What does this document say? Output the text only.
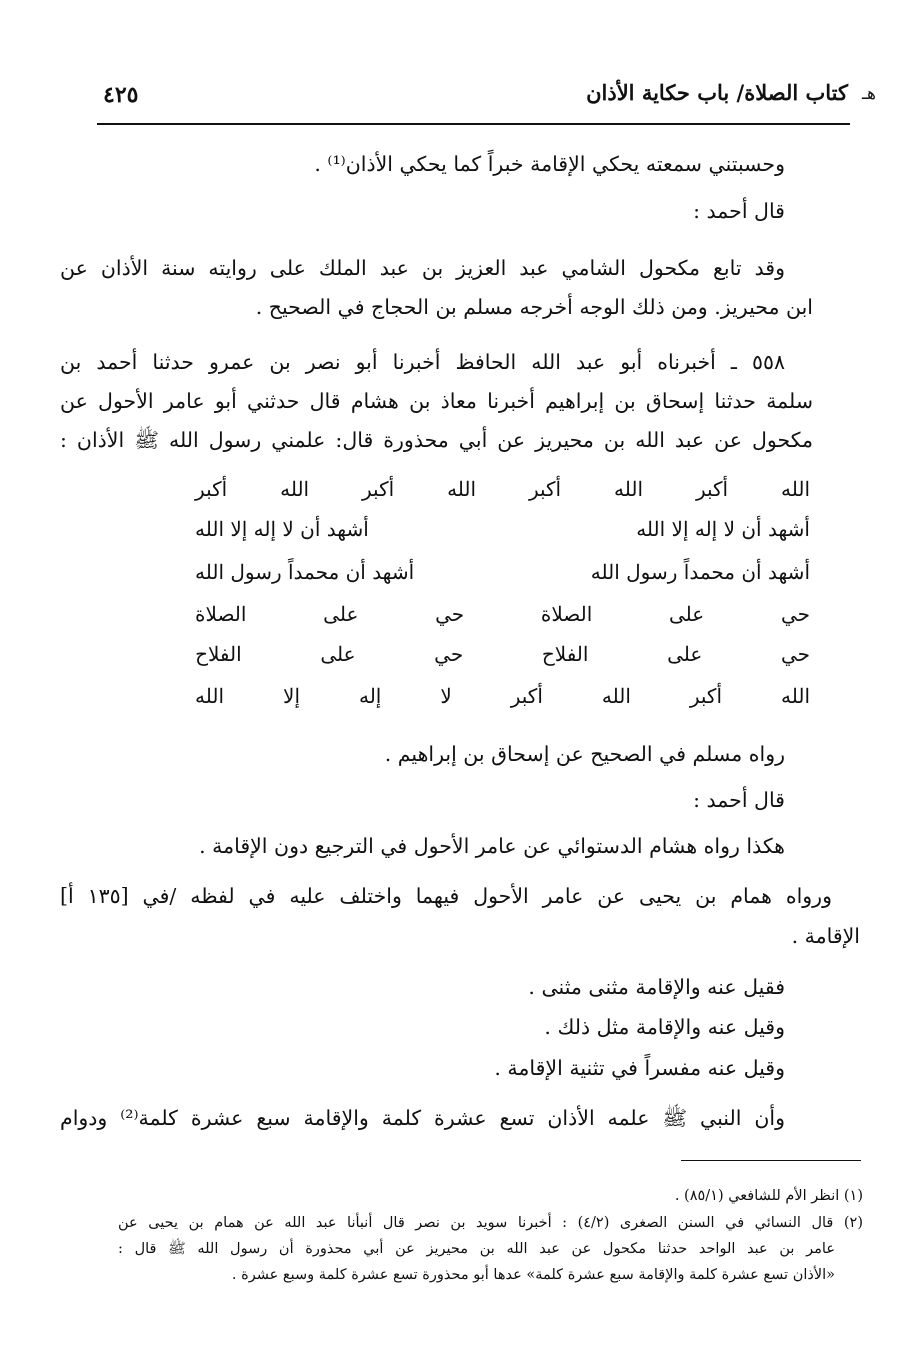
ﻫـ
كتاب الصلاة/ باب حكاية الأذان
٤٢٥
وحسبتني سمعته يحكي الإقامة خبراً كما يحكي الأذان⁽¹⁾ .
قال أحمد :
وقد تابع مكحول الشامي عبد العزيز بن عبد الملك على روايته سنة الأذان عن
ابن محيريز. ومن ذلك الوجه أخرجه مسلم بن الحجاج في الصحيح .
٥٥٨ ـ أخبرناه أبو عبد الله الحافظ أخبرنا أبو نصر بن عمرو حدثنا أحمد بن
سلمة حدثنا إسحاق بن إبراهيم أخبرنا معاذ بن هشام قال حدثني أبو عامر الأحول عن
مكحول عن عبد الله بن محيريز عن أبي محذورة قال: علمني رسول الله ﷺ الأذان :
الله
أكبر
الله
أكبر
الله
أكبر
الله
أكبر
أشهد أن لا إله إلا الله
أشهد أن لا إله إلا الله
أشهد أن محمداً رسول الله
أشهد أن محمداً رسول الله
حي
على
الصلاة
حي
على
الصلاة
حي
على
الفلاح
حي
على
الفلاح
الله
أكبر
الله
أكبر
لا
إله
إلا
الله
رواه مسلم في الصحيح عن إسحاق بن إبراهيم .
قال أحمد :
هكذا رواه هشام الدستوائي عن عامر الأحول في الترجيع دون الإقامة .
ورواه همام بن يحيى عن عامر الأحول فيهما واختلف عليه في لفظه /في [١٣٥ أ]
الإقامة .
فقيل عنه والإقامة مثنى مثنى .
وقيل عنه والإقامة مثل ذلك .
وقيل عنه مفسراً في تثنية الإقامة .
وأن النبي ﷺ علمه الأذان تسع عشرة كلمة والإقامة سبع عشرة كلمة⁽²⁾ ودوام
(١) انظر الأم للشافعي (٨٥/١) .
(٢) قال النسائي في السنن الصغرى (٤/٢) : أخبرنا سويد بن نصر قال أنبأنا عبد الله عن همام بن يحيى عن
عامر بن عبد الواحد حدثنا مكحول عن عبد الله بن محيريز عن أبي محذورة أن رسول الله ﷺ قال :
«الأذان تسع عشرة كلمة والإقامة سبع عشرة كلمة» عدها أبو محذورة تسع عشرة كلمة وسبع عشرة .
